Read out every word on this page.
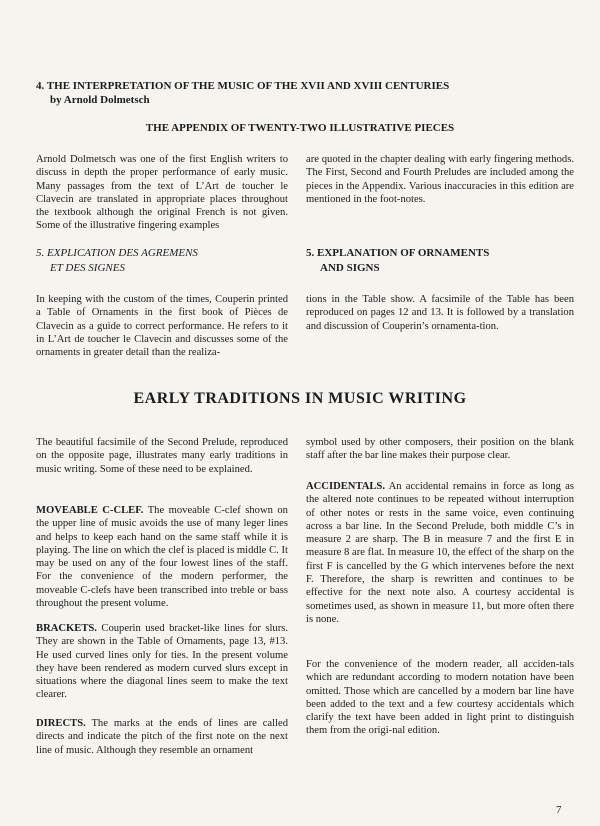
4. THE INTERPRETATION OF THE MUSIC OF THE XVII AND XVIII CENTURIES

by Arnold Dolmetsch

THE APPENDIX OF TWENTY-TWO ILLUSTRATIVE PIECES

Arnold Dolmetsch was one of the first English writers to discuss in depth the proper performance of early music. Many passages from the text of L’Art de toucher le Clavecin are translated in appropriate places throughout the textbook although the original French is not given. Some of the illustrative fingering examples

are quoted in the chapter dealing with early fingering methods. The First, Second and Fourth Preludes are included among the pieces in the Appendix. Various inaccuracies in this edition are mentioned in the foot-notes.

5. EXPLICATION DES AGREMENS

ET DES SIGNES

In keeping with the custom of the times, Couperin printed a Table of Ornaments in the first book of Pièces de Clavecin as a guide to correct performance. He refers to it in L’Art de toucher le Clavecin and discusses some of the ornaments in greater detail than the realiza-

5. EXPLANATION OF ORNAMENTS

AND SIGNS

tions in the Table show. A facsimile of the Table has been reproduced on pages 12 and 13. It is followed by a translation and discussion of Couperin’s ornamenta-tion.

EARLY TRADITIONS IN MUSIC WRITING

The beautiful facsimile of the Second Prelude, reproduced on the opposite page, illustrates many early traditions in music writing. Some of these need to be explained.

MOVEABLE C-CLEF. The moveable C-clef shown on the upper line of music avoids the use of many leger lines and helps to keep each hand on the same staff while it is playing. The line on which the clef is placed is middle C. It may be used on any of the four lowest lines of the staff. For the convenience of the modern performer, the moveable C-clefs have been transcribed into treble or bass throughout the present volume.

BRACKETS. Couperin used bracket-like lines for slurs. They are shown in the Table of Ornaments, page 13, #13. He used curved lines only for ties. In the present volume they have been rendered as modern curved slurs except in situations where the diagonal lines seem to make the text clearer.

DIRECTS. The marks at the ends of lines are called directs and indicate the pitch of the first note on the next line of music. Although they resemble an ornament

symbol used by other composers, their position on the blank staff after the bar line makes their purpose clear.

ACCIDENTALS. An accidental remains in force as long as the altered note continues to be repeated without interruption of other notes or rests in the same voice, even continuing across a bar line. In the Second Prelude, both middle C’s in measure 2 are sharp. The B in measure 7 and the first E in measure 8 are flat. In measure 10, the effect of the sharp on the first F is cancelled by the G which intervenes before the next F. Therefore, the sharp is rewritten and continues to be effective for the next note also. A courtesy accidental is sometimes used, as shown in measure 11, but more often there is none.

For the convenience of the modern reader, all acciden-tals which are redundant according to modern notation have been omitted. Those which are cancelled by a modern bar line have been added to the text and a few courtesy accidentals which clarify the text have been added in light print to distinguish them from the origi-nal edition.

7
